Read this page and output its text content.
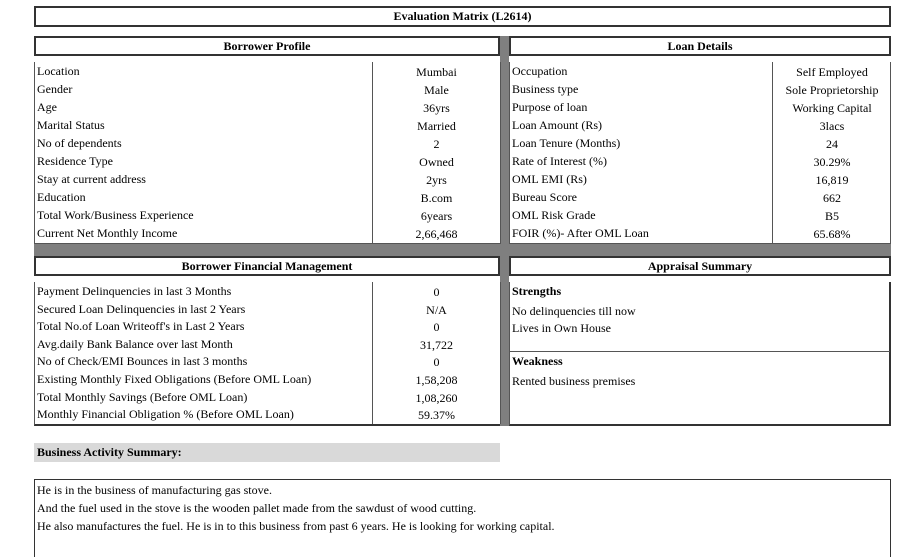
Evaluation Matrix (L2614)
Borrower Profile
Location	Mumbai
Gender	Male
Age	36yrs
Marital Status	Married
No of dependents	2
Residence Type	Owned
Stay at current address	2yrs
Education	B.com
Total Work/Business Experience	6years
Current Net Monthly Income	2,66,468
Loan Details
Occupation	Self Employed
Business type	Sole Proprietorship
Purpose of loan	Working Capital
Loan Amount (Rs)	3lacs
Loan Tenure (Months)	24
Rate of Interest (%)	30.29%
OML EMI (Rs)	16,819
Bureau Score	662
OML Risk Grade	B5
FOIR (%)- After OML Loan	65.68%
Borrower Financial Management
Payment Delinquencies in last 3 Months	0
Secured Loan Delinquencies in last 2 Years	N/A
Total No.of Loan Writeoff's in Last 2 Years	0
Avg.daily Bank Balance over last Month	31,722
No of Check/EMI Bounces in last 3 months	0
Existing Monthly Fixed Obligations (Before OML Loan)	1,58,208
Total Monthly Savings (Before OML Loan)	1,08,260
Monthly Financial Obligation % (Before OML Loan)	59.37%
Appraisal Summary
Strengths
No delinquencies till now
Lives in Own House
Weakness
Rented business premises
Business Activity Summary:
He is in the business of manufacturing gas stove.
And the fuel used in the stove is the wooden pallet made from the sawdust of wood cutting.
He also manufactures the fuel. He is in to this business from past 6 years. He is looking for working capital.
